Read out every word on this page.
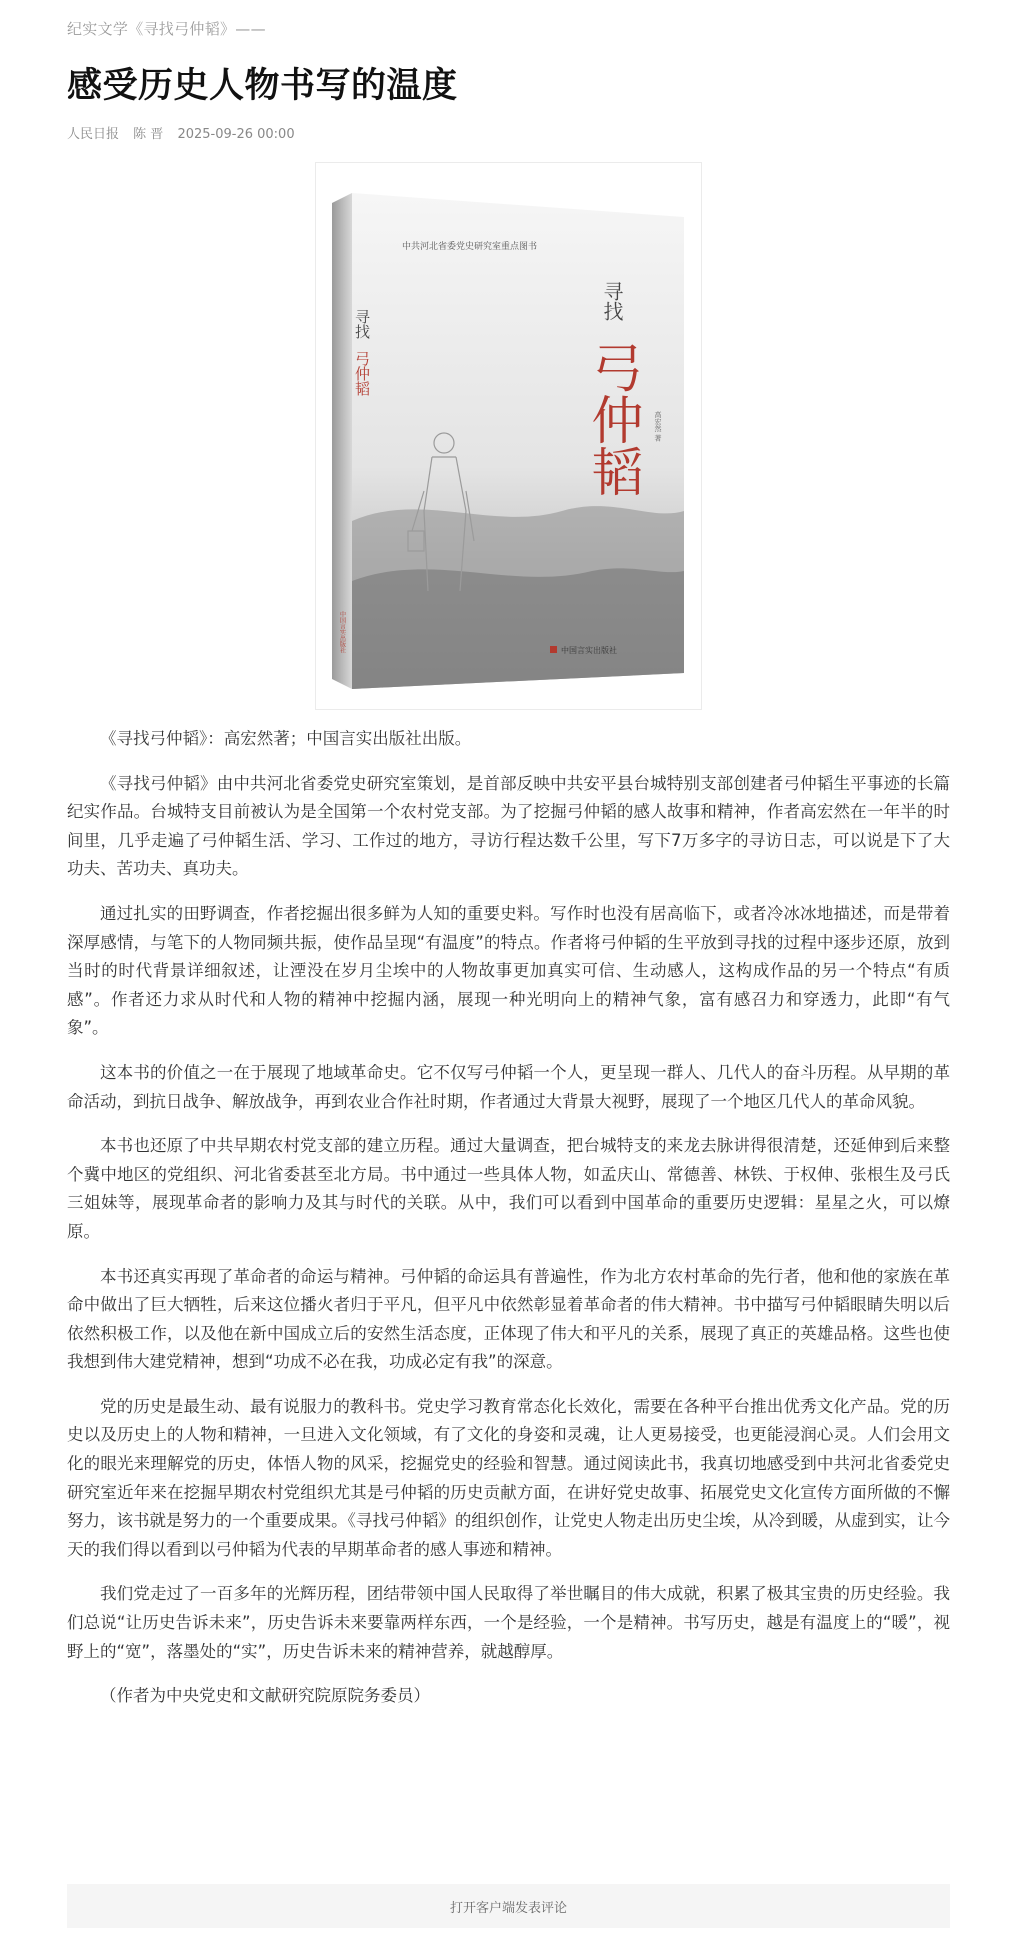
纪实文学《寻找弓仲韬》——
感受历史人物书写的温度
人民日报 陈 晋 2025-09-26 00:00
中共河北省委党史研究室重点图书
寻找
弓仲韬
寻找
弓仲韬 高宏然 著
中国言实出版社	中国言实出版社

《寻找弓仲韬》：高宏然著；中国言实出版社出版。

《寻找弓仲韬》由中共河北省委党史研究室策划，是首部反映中共安平县台城特别支部创建者弓仲韬生平事迹的长篇纪实作品。台城特支目前被认为是全国第一个农村党支部。为了挖掘弓仲韬的感人故事和精神，作者高宏然在一年半的时间里，几乎走遍了弓仲韬生活、学习、工作过的地方，寻访行程达数千公里，写下7万多字的寻访日志，可以说是下了大功夫、苦功夫、真功夫。

通过扎实的田野调查，作者挖掘出很多鲜为人知的重要史料。写作时也没有居高临下，或者冷冰冰地描述，而是带着深厚感情，与笔下的人物同频共振，使作品呈现“有温度”的特点。作者将弓仲韬的生平放到寻找的过程中逐步还原，放到当时的时代背景详细叙述，让湮没在岁月尘埃中的人物故事更加真实可信、生动感人，这构成作品的另一个特点“有质感”。作者还力求从时代和人物的精神中挖掘内涵，展现一种光明向上的精神气象，富有感召力和穿透力，此即“有气象”。

这本书的价值之一在于展现了地域革命史。它不仅写弓仲韬一个人，更呈现一群人、几代人的奋斗历程。从早期的革命活动，到抗日战争、解放战争，再到农业合作社时期，作者通过大背景大视野，展现了一个地区几代人的革命风貌。

本书也还原了中共早期农村党支部的建立历程。通过大量调查，把台城特支的来龙去脉讲得很清楚，还延伸到后来整个冀中地区的党组织、河北省委甚至北方局。书中通过一些具体人物，如孟庆山、常德善、林铁、于权伸、张根生及弓氏三姐妹等，展现革命者的影响力及其与时代的关联。从中，我们可以看到中国革命的重要历史逻辑：星星之火，可以燎原。

本书还真实再现了革命者的命运与精神。弓仲韬的命运具有普遍性，作为北方农村革命的先行者，他和他的家族在革命中做出了巨大牺牲，后来这位播火者归于平凡，但平凡中依然彰显着革命者的伟大精神。书中描写弓仲韬眼睛失明以后依然积极工作，以及他在新中国成立后的安然生活态度，正体现了伟大和平凡的关系，展现了真正的英雄品格。这些也使我想到伟大建党精神，想到“功成不必在我，功成必定有我”的深意。

党的历史是最生动、最有说服力的教科书。党史学习教育常态化长效化，需要在各种平台推出优秀文化产品。党的历史以及历史上的人物和精神，一旦进入文化领域，有了文化的身姿和灵魂，让人更易接受，也更能浸润心灵。人们会用文化的眼光来理解党的历史，体悟人物的风采，挖掘党史的经验和智慧。通过阅读此书，我真切地感受到中共河北省委党史研究室近年来在挖掘早期农村党组织尤其是弓仲韬的历史贡献方面，在讲好党史故事、拓展党史文化宣传方面所做的不懈努力，该书就是努力的一个重要成果。《寻找弓仲韬》的组织创作，让党史人物走出历史尘埃，从冷到暖，从虚到实，让今天的我们得以看到以弓仲韬为代表的早期革命者的感人事迹和精神。

我们党走过了一百多年的光辉历程，团结带领中国人民取得了举世瞩目的伟大成就，积累了极其宝贵的历史经验。我们总说“让历史告诉未来”，历史告诉未来要靠两样东西，一个是经验，一个是精神。书写历史，越是有温度上的“暖”，视野上的“宽”，落墨处的“实”，历史告诉未来的精神营养，就越醇厚。

（作者为中央党史和文献研究院原院务委员）

打开客户端发表评论
